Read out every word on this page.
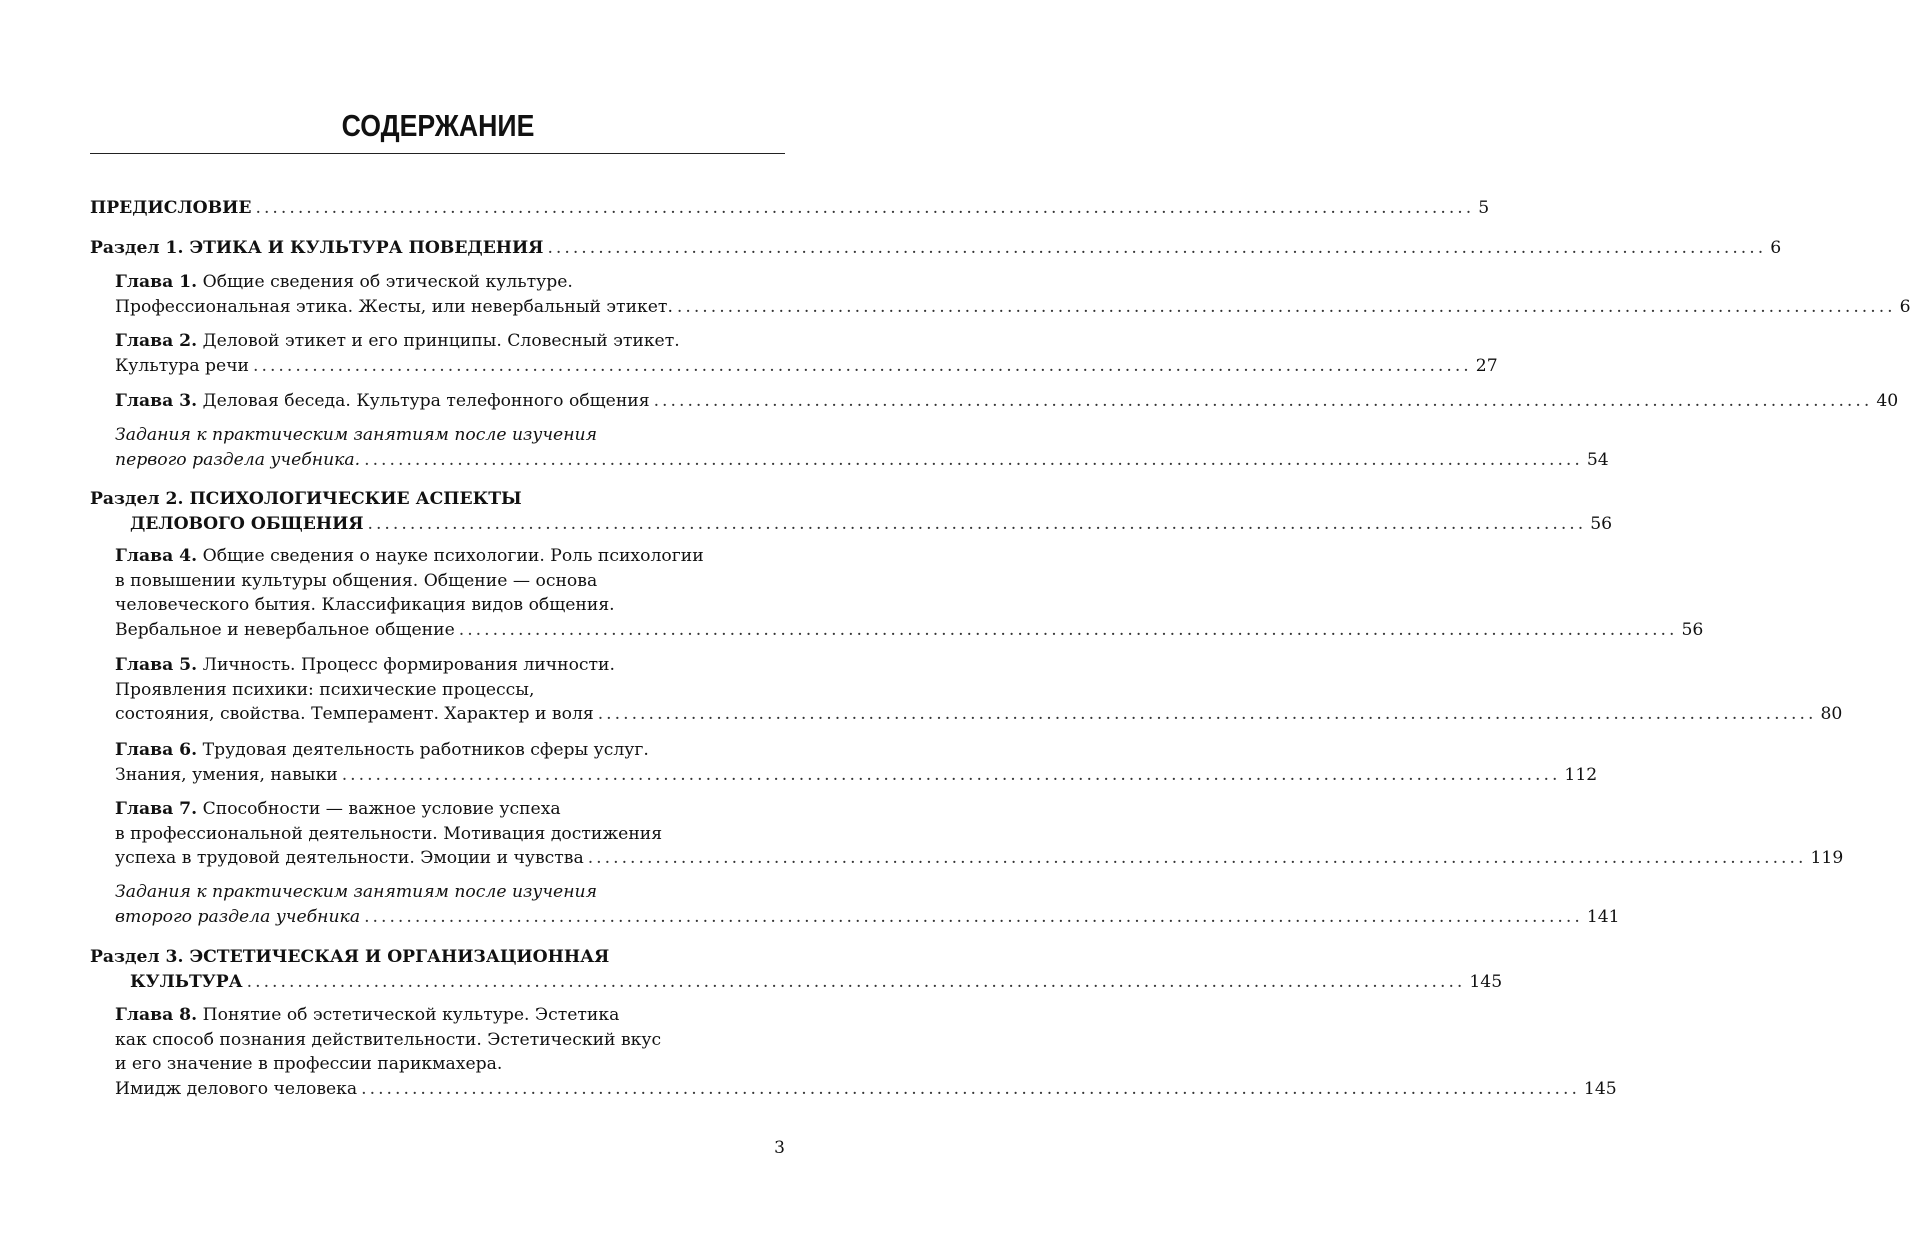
СОДЕРЖАНИЕ
ПРЕДИСЛОВИЕ ................................................................................................................................................ 5
Раздел 1. ЭТИКА И КУЛЬТУРА ПОВЕДЕНИЯ ................................................................................................................................................ 6
Глава 1. Общие сведения об этической культуре.
Профессиональная этика. Жесты, или невербальный этикет. ................................................................................................................................................ 6
Глава 2. Деловой этикет и его принципы. Словесный этикет.
Культура речи ................................................................................................................................................ 27
Глава 3. Деловая беседа. Культура телефонного общения ................................................................................................................................................ 40
Задания к практическим занятиям после изучения
первого раздела учебника. ................................................................................................................................................ 54
Раздел 2. ПСИХОЛОГИЧЕСКИЕ АСПЕКТЫ
ДЕЛОВОГО ОБЩЕНИЯ ................................................................................................................................................ 56
Глава 4. Общие сведения о науке психологии. Роль психологии
в повышении культуры общения. Общение — основа
человеческого бытия. Классификация видов общения.
Вербальное и невербальное общение ................................................................................................................................................ 56
Глава 5. Личность. Процесс формирования личности.
Проявления психики: психические процессы,
состояния, свойства. Темперамент. Характер и воля ................................................................................................................................................ 80
Глава 6. Трудовая деятельность работников сферы услуг.
Знания, умения, навыки ................................................................................................................................................ 112
Глава 7. Способности — важное условие успеха
в профессиональной деятельности. Мотивация достижения
успеха в трудовой деятельности. Эмоции и чувства ................................................................................................................................................ 119
Задания к практическим занятиям после изучения
второго раздела учебника ................................................................................................................................................ 141
Раздел 3. ЭСТЕТИЧЕСКАЯ И ОРГАНИЗАЦИОННАЯ
КУЛЬТУРА ................................................................................................................................................ 145
Глава 8. Понятие об эстетической культуре. Эстетика
как способ познания действительности. Эстетический вкус
и его значение в профессии парикмахера.
Имидж делового человека ................................................................................................................................................ 145
3
